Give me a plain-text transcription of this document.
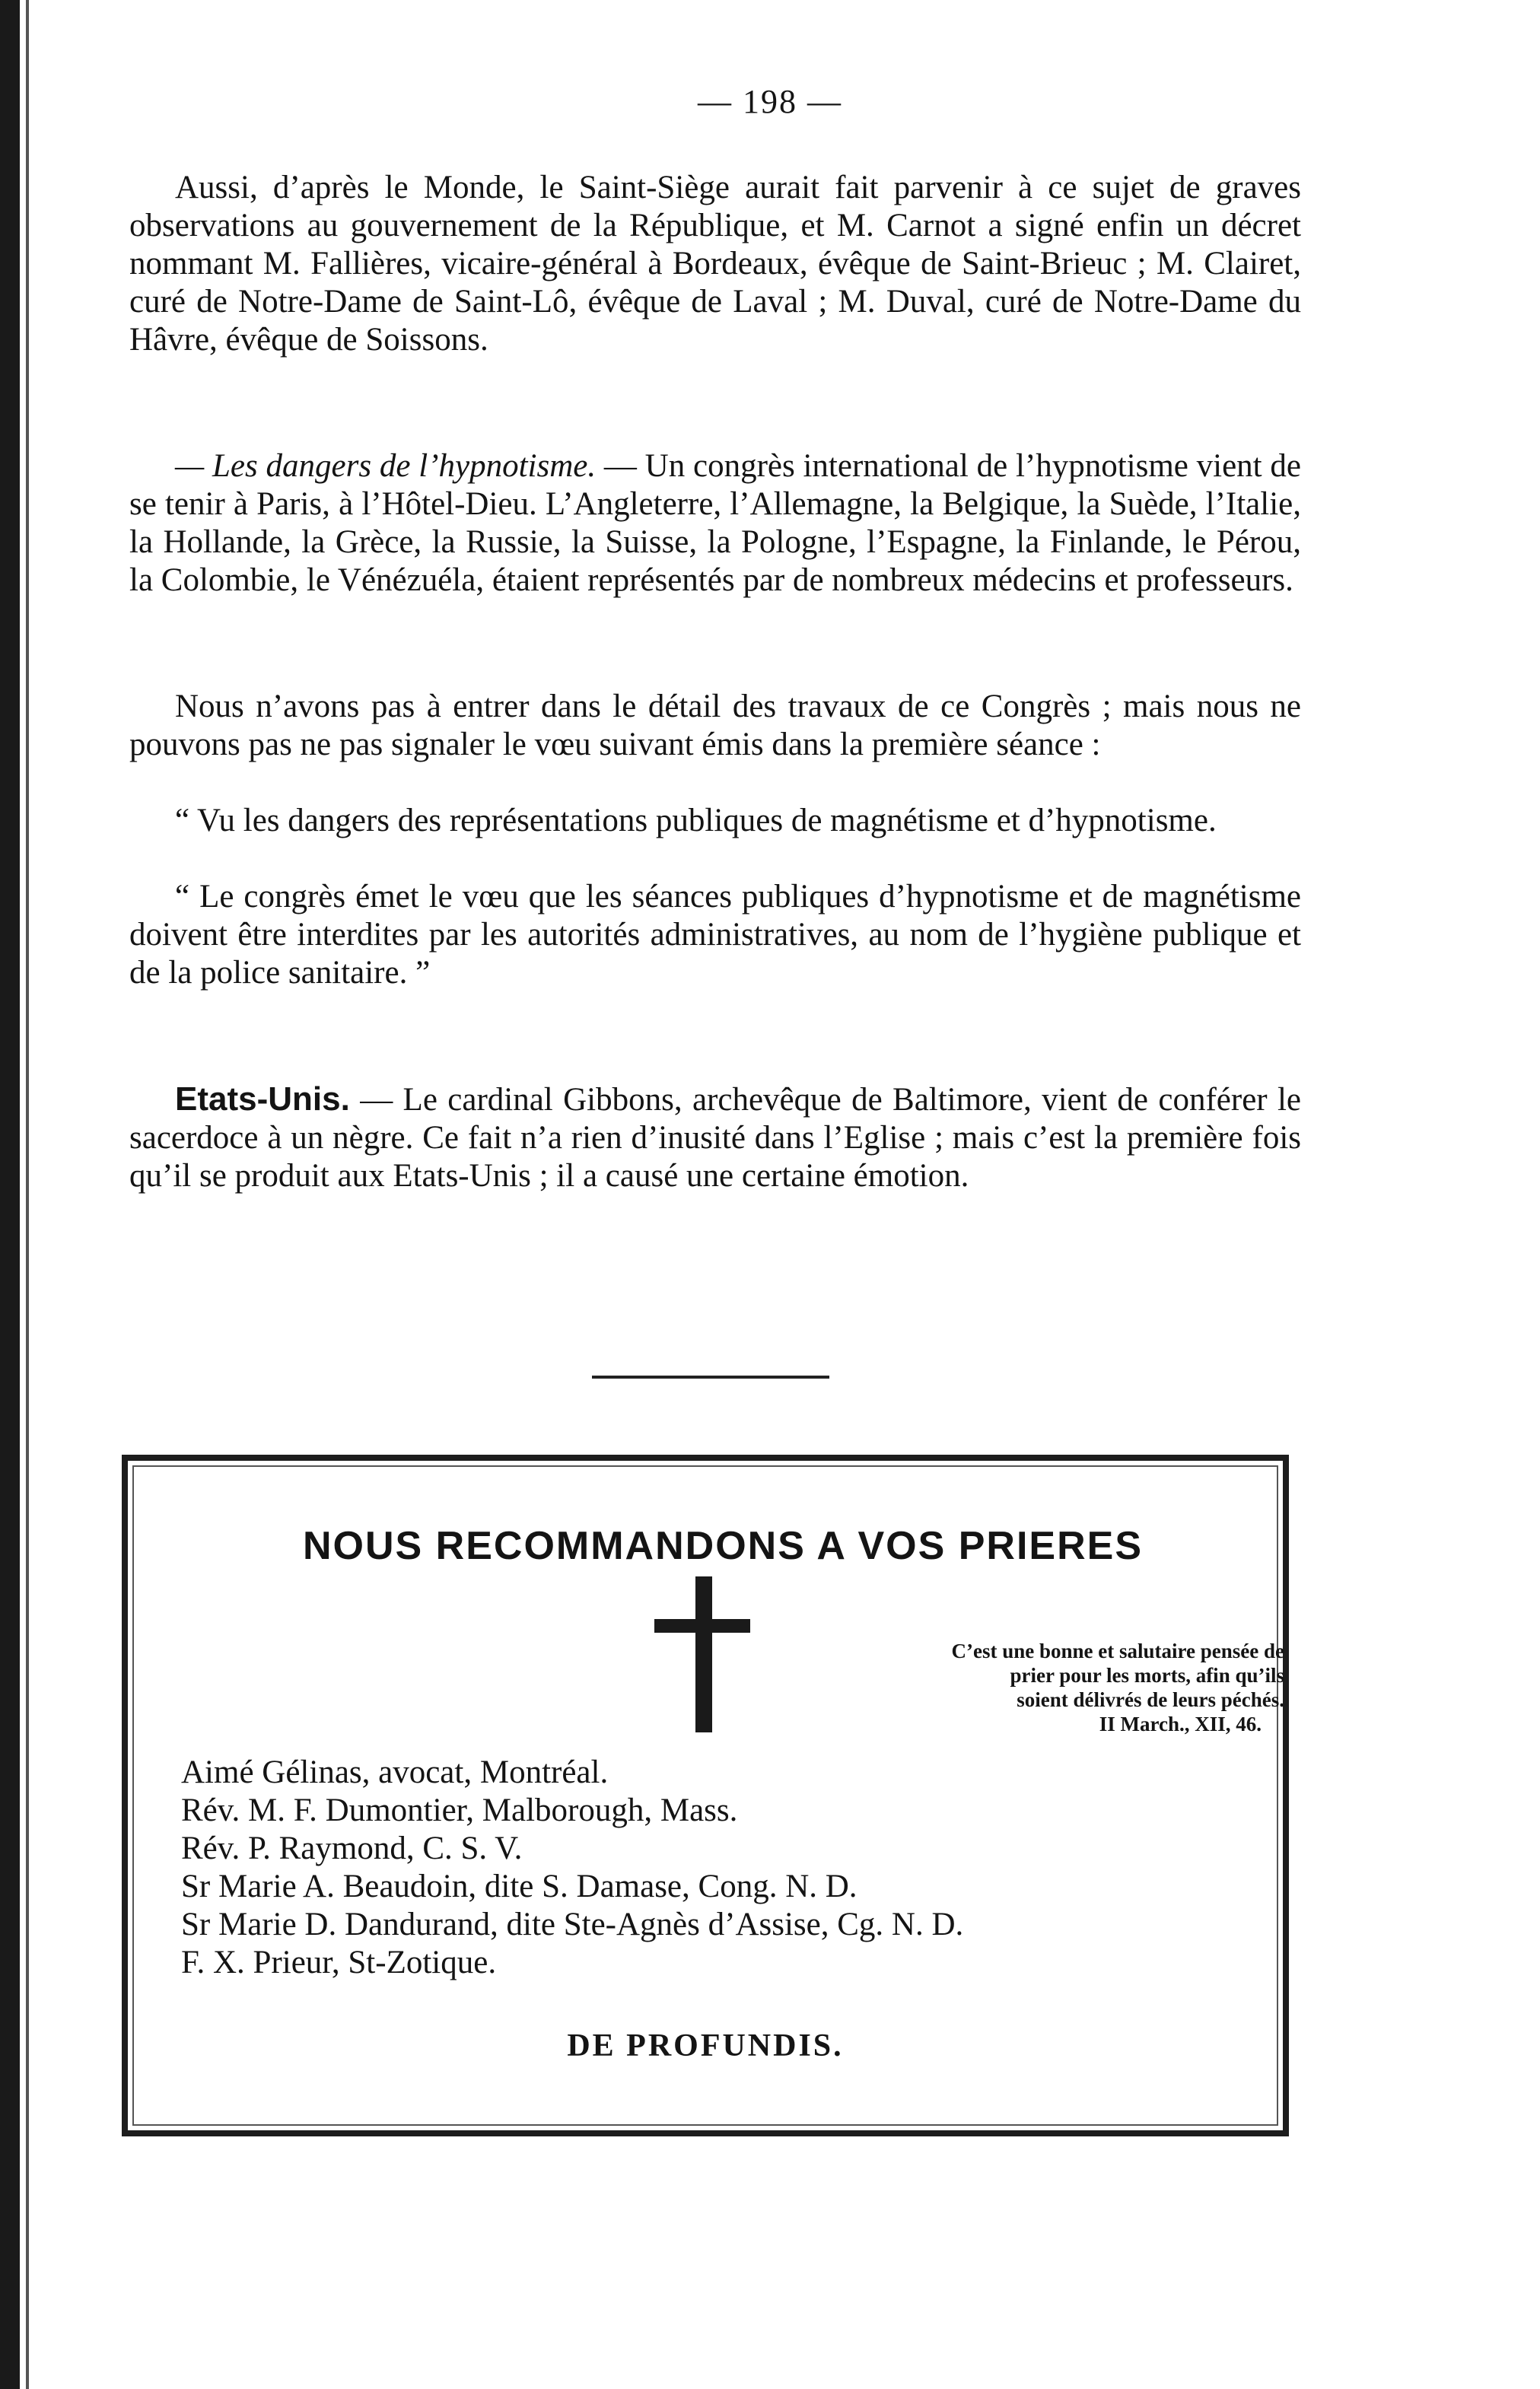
— 198 —

Aussi, d’après le Monde, le Saint-Siège aurait fait parvenir à ce sujet de graves observations au gouvernement de la République, et M. Carnot a signé enfin un décret nommant M. Fallières, vicaire-général à Bordeaux, évêque de Saint-Brieuc ; M. Clairet, curé de Notre-Dame de Saint-Lô, évêque de Laval ; M. Duval, curé de Notre-Dame du Hâvre, évêque de Soissons.

— Les dangers de l’hypnotisme. — Un congrès international de l’hypnotisme vient de se tenir à Paris, à l’Hôtel-Dieu. L’Angleterre, l’Allemagne, la Belgique, la Suède, l’Italie, la Hollande, la Grèce, la Russie, la Suisse, la Pologne, l’Espagne, la Finlande, le Pérou, la Colombie, le Vénézuéla, étaient représentés par de nombreux médecins et professeurs.

Nous n’avons pas à entrer dans le détail des travaux de ce Congrès ; mais nous ne pouvons pas ne pas signaler le vœu suivant émis dans la première séance :

“ Vu les dangers des représentations publiques de magnétisme et d’hypnotisme.

“ Le congrès émet le vœu que les séances publiques d’hypnotisme et de magnétisme doivent être interdites par les autorités administratives, au nom de l’hygiène publique et de la police sanitaire. ”

Etats-Unis. — Le cardinal Gibbons, archevêque de Baltimore, vient de conférer le sacerdoce à un nègre. Ce fait n’a rien d’inusité dans l’Eglise ; mais c’est la première fois qu’il se produit aux Etats-Unis ; il a causé une certaine émotion.

NOUS RECOMMANDONS A VOS PRIERES
C’est une bonne et salutaire pensée de
prier pour les morts, afin qu’ils
soient délivrés de leurs péchés.
II March., XII, 46.
Aimé Gélinas, avocat, Montréal.
Rév. M. F. Dumontier, Malborough, Mass.
Rév. P. Raymond, C. S. V.
Sr Marie A. Beaudoin, dite S. Damase, Cong. N. D.
Sr Marie D. Dandurand, dite Ste-Agnès d’Assise, Cg. N. D.
F. X. Prieur, St-Zotique.
DE PROFUNDIS.
